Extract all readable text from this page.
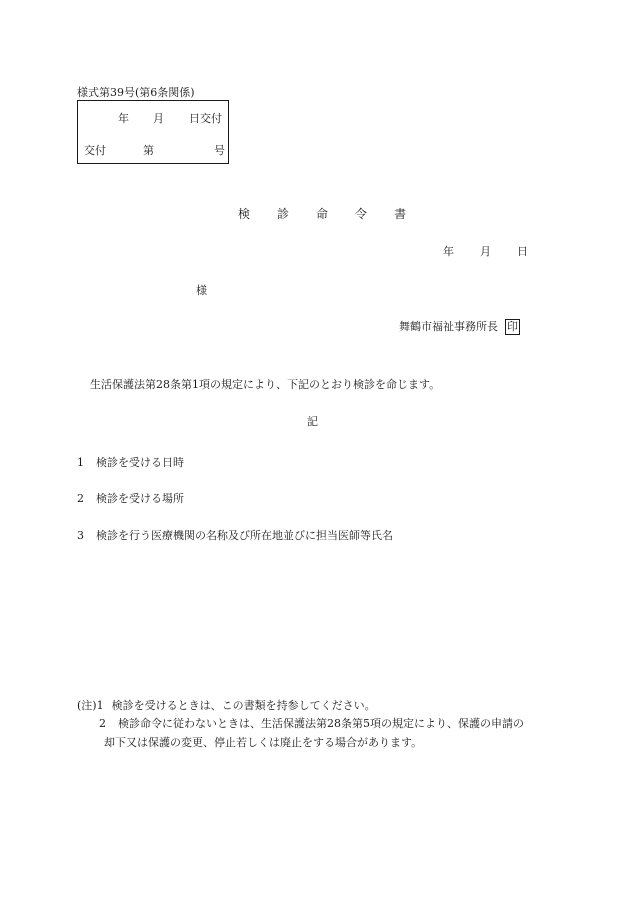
様式第39号(第6条関係)
年 月 日交付
交付	第	号
検 診 命 令 書
年 月 日
様
舞鶴市福祉事務所長 印
生活保護法第28条第1項の規定により、下記のとおり検診を命じます。
記
1 検診を受ける日時
2 検診を受ける場所
3 検診を行う医療機関の名称及び所在地並びに担当医師等氏名
(注)1 検診を受けるときは、この書類を持参してください。
2 検診命令に従わないときは、生活保護法第28条第5項の規定により、保護の申請の
却下又は保護の変更、停止若しくは廃止をする場合があります。
